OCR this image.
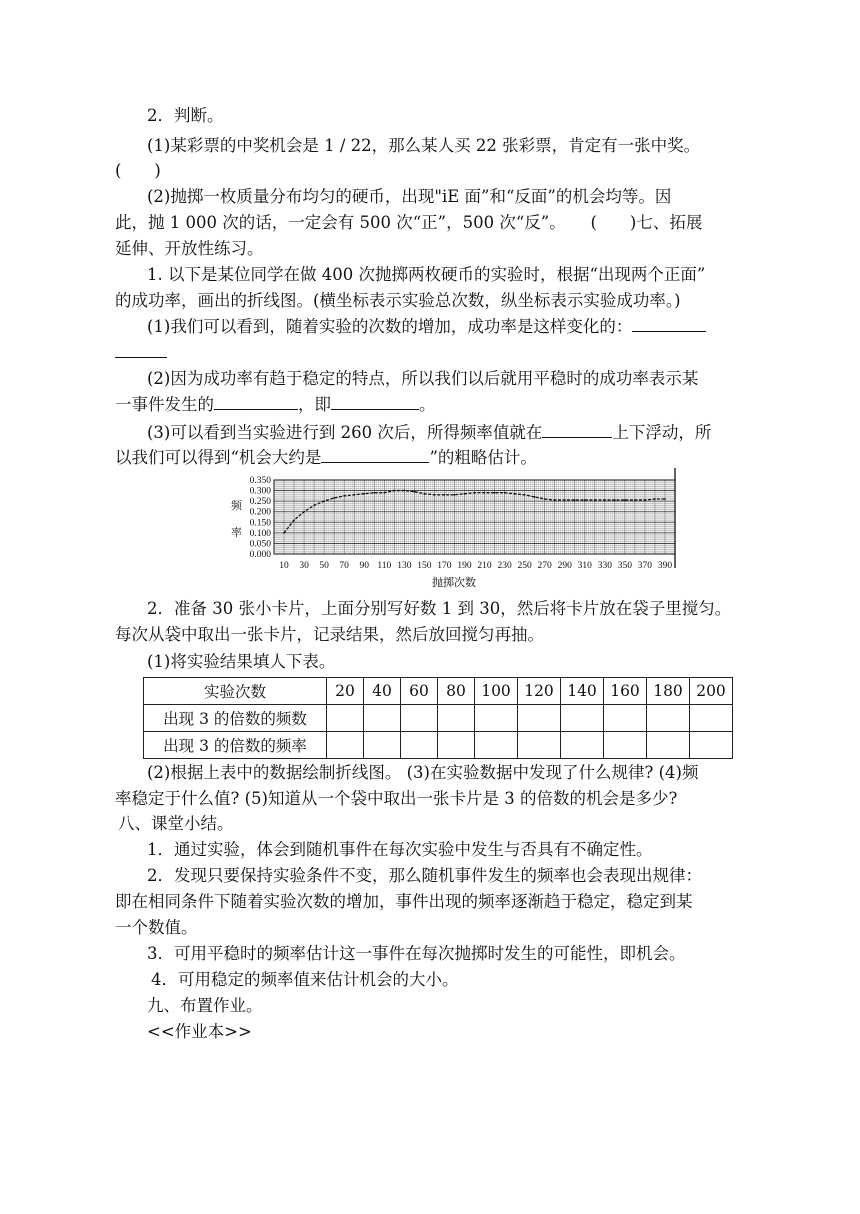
2．判断。
(1)某彩票的中奖机会是 1 / 22，那么某人买 22 张彩票，肯定有一张中奖。
(　　)
(2)抛掷一枚质量分布均匀的硬币，出现"iE 面”和“反面”的机会均等。因
此，抛 1 000 次的话，一定会有 500 次“正”，500 次“反”。　　(　　)七、拓展
延伸、开放性练习。
1. 以下是某位同学在做 400 次抛掷两枚硬币的实验时，根据“出现两个正面”
的成功率，画出的折线图。(横坐标表示实验总次数，纵坐标表示实验成功率。)
(1)我们可以看到，随着实验的次数的增加，成功率是这样变化的：
(2)因为成功率有趋于稳定的特点，所以我们以后就用平稳时的成功率表示某
一事件发生的	，即	。
(3)可以看到当实验进行到 260 次后，所得频率值就在	上下浮动，所
以我们可以得到“机会大约是	”的粗略估计。
0.350
0.300
0.250
0.200
0.150
0.100
0.050
0.000
10 30 50 70 90 110 130 150 170 190 210 230 250 270 290 310 330 350 370 390
频
率
抛掷次数
2．准备 30 张小卡片，上面分别写好数 1 到 30，然后将卡片放在袋子里搅匀。
每次从袋中取出一张卡片，记录结果，然后放回搅匀再抽。
(1)将实验结果填人下表。
实验次数	20	40	60	80	100	120	140	160	180	200
出现 3 的倍数的频数										
出现 3 的倍数的频率										
(2)根据上表中的数据绘制折线图。 (3)在实验数据中发现了什么规律? (4)频
率稳定于什么值? (5)知道从一个袋中取出一张卡片是 3 的倍数的机会是多少?
八、课堂小结。
1．通过实验，体会到随机事件在每次实验中发生与否具有不确定性。
2．发现只要保持实验条件不变，那么随机事件发生的频率也会表现出规律：
即在相同条件下随着实验次数的增加，事件出现的频率逐渐趋于稳定，稳定到某
一个数值。
3．可用平稳时的频率估计这一事件在每次抛掷时发生的可能性，即机会。
4．可用稳定的频率值来估计机会的大小。
九、布置作业。
<<作业本>>
